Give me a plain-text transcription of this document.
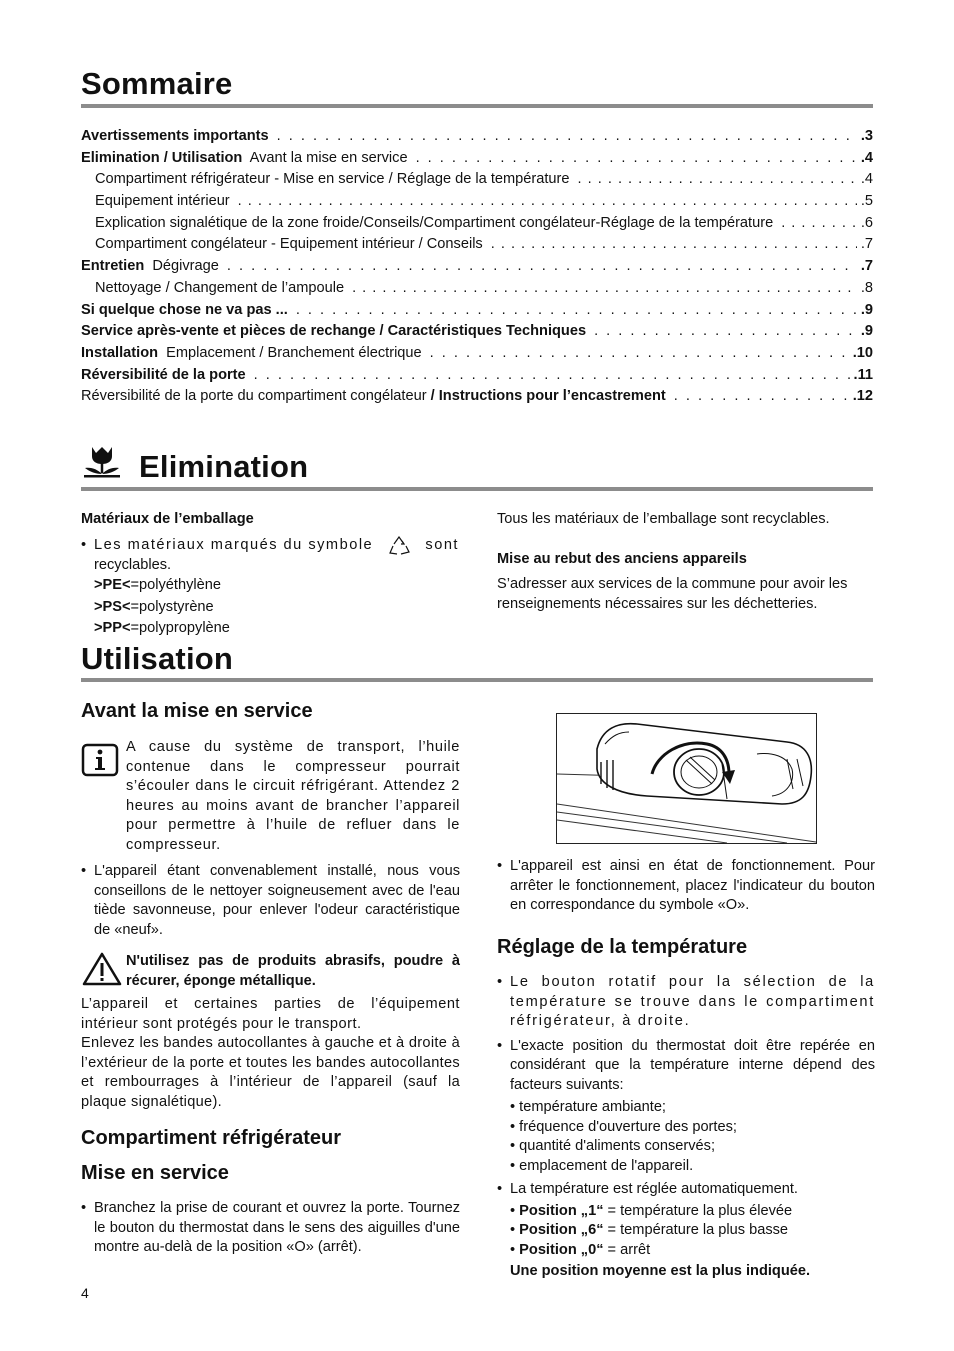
Sommaire
Avertissements importants . . .	.3
Elimination / Utilisation  Avant la mise en service . . .	.4
Compartiment réfrigérateur - Mise en service / Réglage de la température . . .	.4
Equipement intérieur . . .	.5
Explication signalétique de la zone froide/Conseils/Compartiment congélateur-Réglage de la température . . .	.6
Compartiment congélateur - Equipement intérieur / Conseils . . .	.7
Entretien  Dégivrage . . .	.7
Nettoyage / Changement de l’ampoule . . .	.8
Si quelque chose ne va pas ... . . .	.9
Service après-vente et pièces de rechange / Caractéristiques Techniques . . .	.9
Installation  Emplacement / Branchement électrique . . .	.10
Réversibilité de la porte . . .	.11
Réversibilité de la porte du compartiment congélateur / Instructions pour l’encastrement . . .	.12
Elimination

Matériaux de l’emballage

• Les matériaux marqués du symbole	sont
recyclables.
>PE<=polyéthylène
>PS<=polystyrène
>PP<=polypropylène

Tous les matériaux de l’emballage sont recyclables.

Mise au rebut des anciens appareils

S’adresser aux services de la commune pour avoir les renseignements nécessaires sur les déchetteries.

Utilisation
Avant la mise en service

A cause du système de transport, l’huile contenue dans le compresseur pourrait s’écouler dans le circuit réfrigérant. Attendez 2 heures au moins avant de brancher l’appareil pour permettre à l’huile de refluer dans le compresseur.

• L'appareil étant convenablement installé, nous vous conseillons de le nettoyer soigneusement avec de l'eau tiède savonneuse, pour enlever l'odeur caractéristique de «neuf».

N'utilisez pas de produits abrasifs, poudre à récurer, éponge métallique.

L’appareil et certaines parties de l’équipement intérieur sont protégés pour le transport.

Enlevez les bandes autocollantes à gauche et à droite à l’extérieur de la porte et toutes les bandes autocollantes et rembourrages à l’intérieur de l’appareil (sauf la plaque signalétique).

Compartiment réfrigérateur
Mise en service
• Branchez la prise de courant et ouvrez la porte. Tournez le bouton du thermostat dans le sens des aiguilles d'une montre au-delà de la position «O» (arrêt).
• L'appareil est ainsi en état de fonctionnement. Pour arrêter le fonctionnement, placez l'indicateur du bouton en correspondance du symbole «O».
Réglage de la température
• Le bouton rotatif pour la sélection de la température se trouve dans le compartiment réfrigérateur, à droite.
• L'exacte position du thermostat doit être repérée en considérant que la température interne dépend des facteurs suivants:
• température ambiante;
• fréquence d'ouverture des portes;
• quantité d'aliments conservés;
• emplacement de l'appareil.
• La température est réglée automatiquement.
• Position „1“ = température la plus élevée
• Position „6“ = température la plus basse
• Position „0“ = arrêt
Une position moyenne est la plus indiquée.
4
